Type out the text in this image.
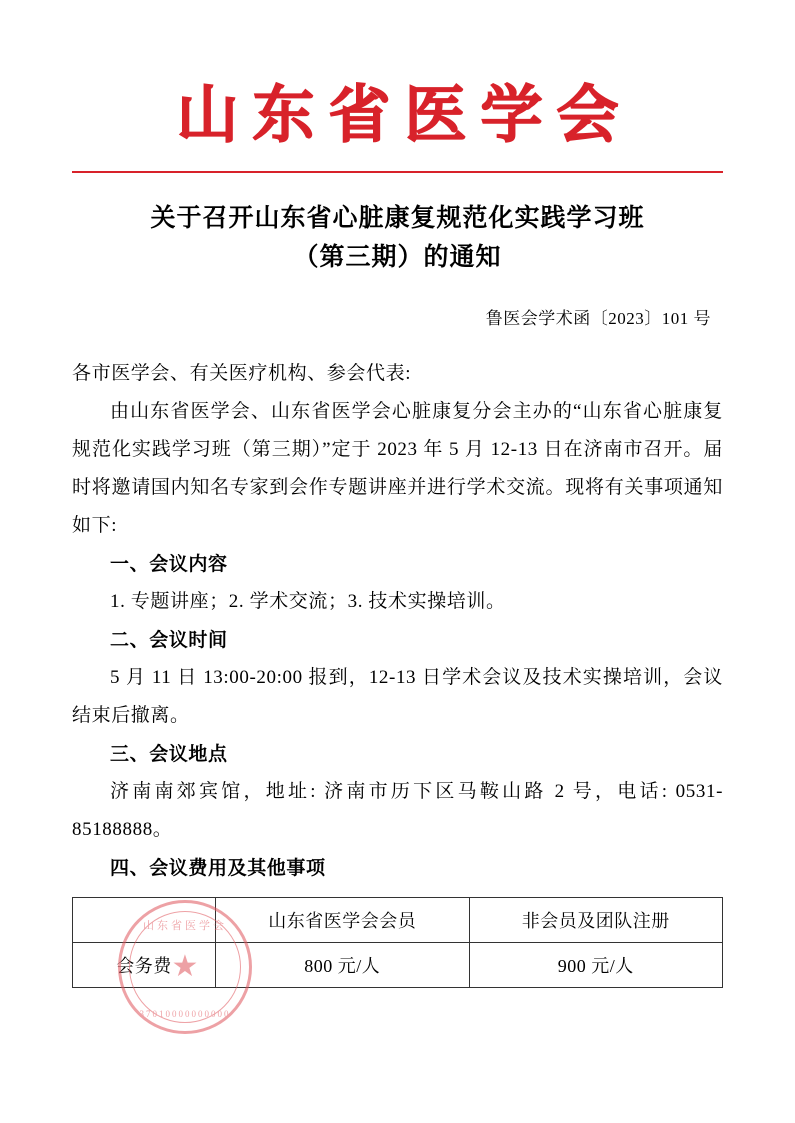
山东省医学会
关于召开山东省心脏康复规范化实践学习班
（第三期）的通知
鲁医会学术函〔2023〕101 号

各市医学会、有关医疗机构、参会代表:

由山东省医学会、山东省医学会心脏康复分会主办的“山东省心脏康复规范化实践学习班（第三期）”定于 2023 年 5 月 12-13 日在济南市召开。届时将邀请国内知名专家到会作专题讲座并进行学术交流。现将有关事项通知如下:

一、会议内容

1. 专题讲座；2. 学术交流；3. 技术实操培训。

二、会议时间

5 月 11 日 13:00-20:00 报到，12-13 日学术会议及技术实操培训，会议结束后撤离。

三、会议地点

济南南郊宾馆，地址: 济南市历下区马鞍山路 2 号，电话: 0531-85188888。

四、会议费用及其他事项

	山东省医学会会员	非会员及团队注册
会务费	800 元/人	900 元/人
山东省医学会
★
37010000000000
